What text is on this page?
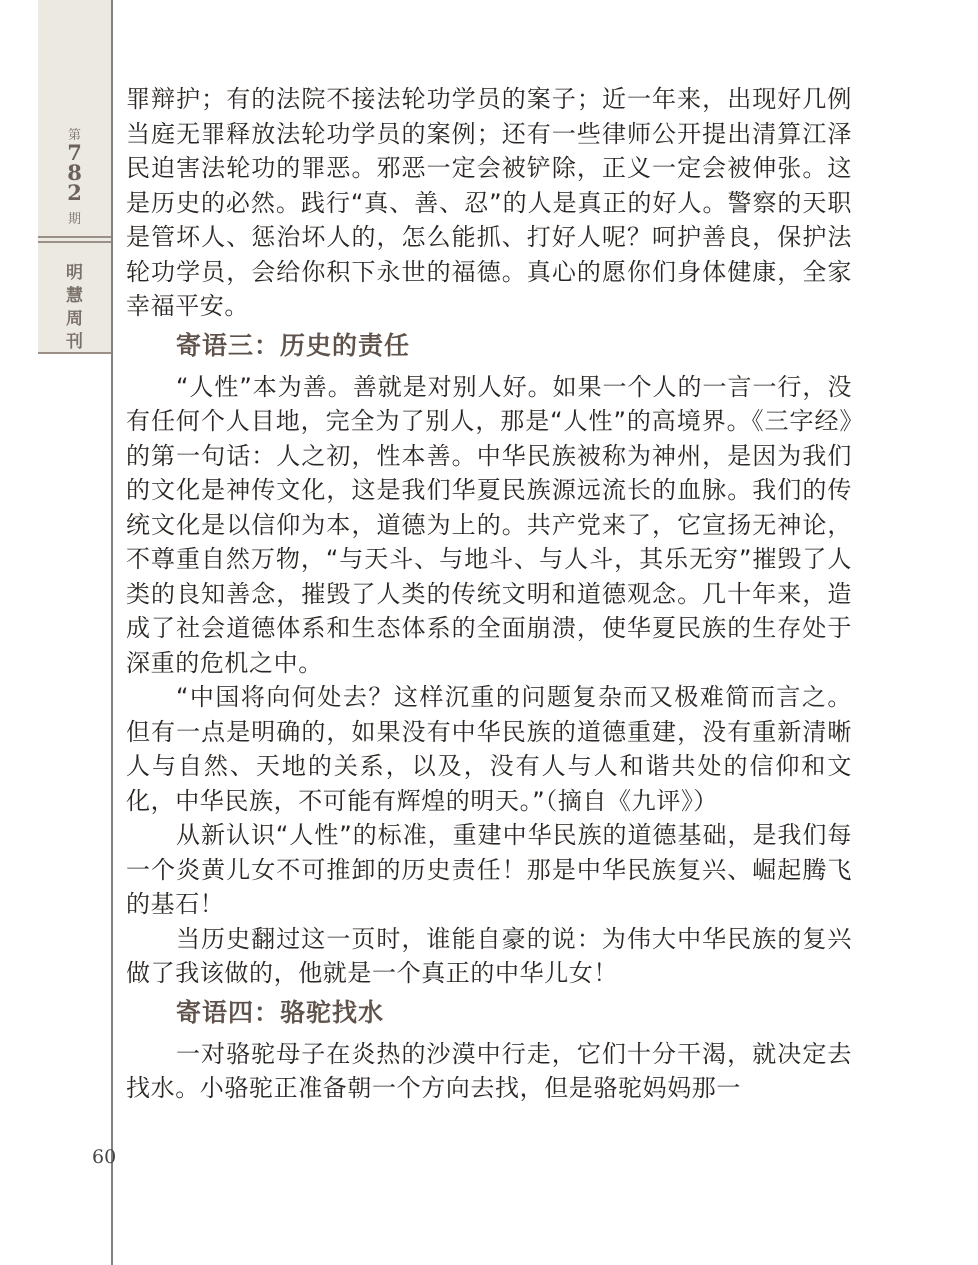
第
7
8
2
期
明
慧
周
刊

罪辩护；有的法院不接法轮功学员的案子；近一年来，出现好几例当庭无罪释放法轮功学员的案例；还有一些律师公开提出清算江泽民迫害法轮功的罪恶。邪恶一定会被铲除，正义一定会被伸张。这是历史的必然。践行“真、善、忍”的人是真正的好人。警察的天职是管坏人、惩治坏人的，怎么能抓、打好人呢？呵护善良，保护法轮功学员，会给你积下永世的福德。真心的愿你们身体健康，全家幸福平安。

寄语三：历史的责任

“人性”本为善。善就是对别人好。如果一个人的一言一行，没有任何个人目地，完全为了别人，那是“人性”的高境界。《三字经》的第一句话：人之初，性本善。中华民族被称为神州，是因为我们的文化是神传文化，这是我们华夏民族源远流长的血脉。我们的传统文化是以信仰为本，道德为上的。共产党来了，它宣扬无神论，不尊重自然万物，“与天斗、与地斗、与人斗，其乐无穷”摧毁了人类的良知善念，摧毁了人类的传统文明和道德观念。几十年来，造成了社会道德体系和生态体系的全面崩溃，使华夏民族的生存处于深重的危机之中。

“中国将向何处去？这样沉重的问题复杂而又极难简而言之。但有一点是明确的，如果没有中华民族的道德重建，没有重新清晰人与自然、天地的关系，以及，没有人与人和谐共处的信仰和文化，中华民族，不可能有辉煌的明天。”（摘自《九评》）

从新认识“人性”的标准，重建中华民族的道德基础，是我们每一个炎黄儿女不可推卸的历史责任！那是中华民族复兴、崛起腾飞的基石！

当历史翻过这一页时，谁能自豪的说：为伟大中华民族的复兴做了我该做的，他就是一个真正的中华儿女！

寄语四：骆驼找水

一对骆驼母子在炎热的沙漠中行走，它们十分干渴，就决定去找水。小骆驼正准备朝一个方向去找，但是骆驼妈妈那一

60
